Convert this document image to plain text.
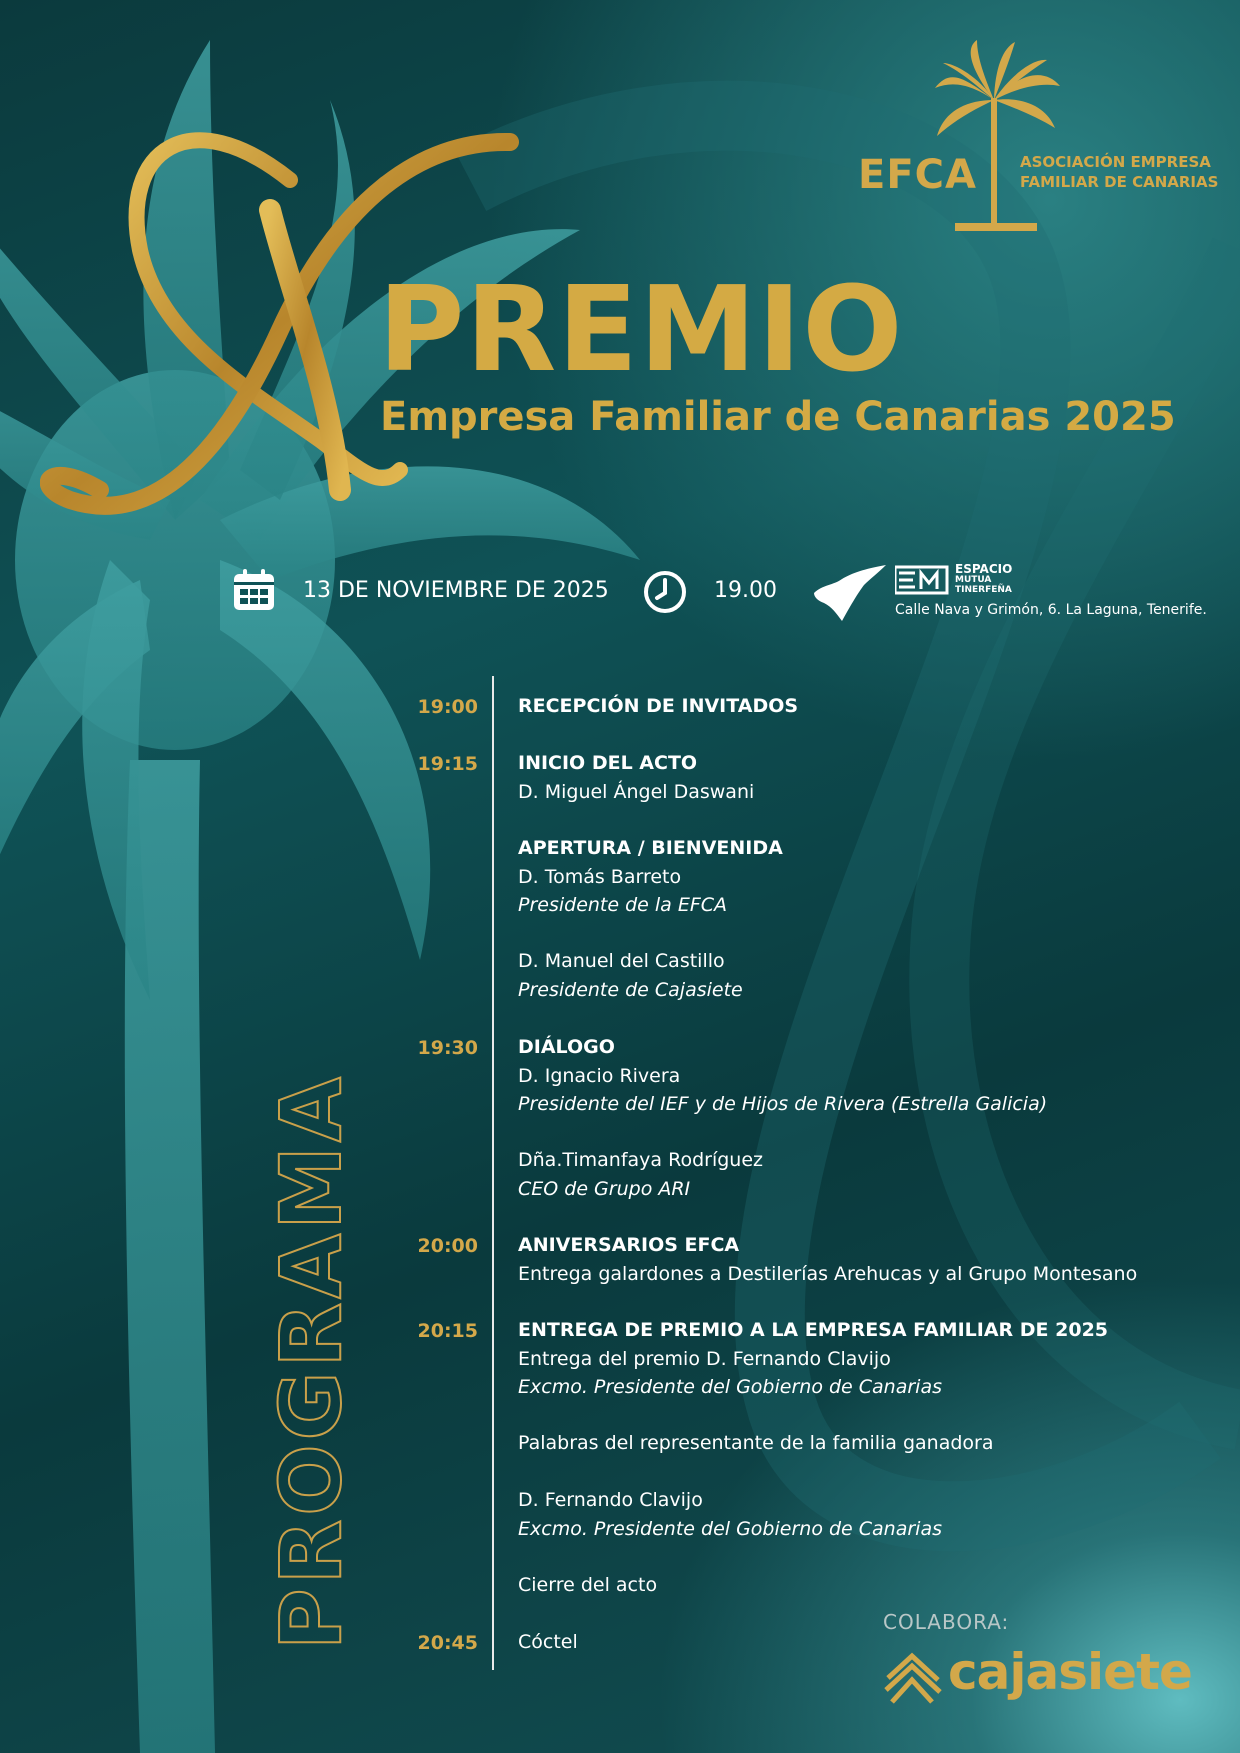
EFCA	ASOCIACIÓN EMPRESA
FAMILIAR DE CANARIAS
PREMIO
Empresa Familiar de Canarias 2025
13 DE NOVIEMBRE DE 2025	19.00
ESPACIO
MUTUA
TINERFEÑA
Calle Nava y Grimón, 6. La Laguna, Tenerife.
PROGRAMA
19:00 RECEPCIÓN DE INVITADOS
19:15 INICIO DEL ACTO
D. Miguel Ángel Daswani
APERTURA / BIENVENIDA
D. Tomás Barreto
Presidente de la EFCA
D. Manuel del Castillo
Presidente de Cajasiete
19:30 DIÁLOGO
D. Ignacio Rivera
Presidente del IEF y de Hijos de Rivera (Estrella Galicia)
Dña.Timanfaya Rodríguez
CEO de Grupo ARI
20:00 ANIVERSARIOS EFCA
Entrega galardones a Destilerías Arehucas y al Grupo Montesano
20:15 ENTREGA DE PREMIO A LA EMPRESA FAMILIAR DE 2025
Entrega del premio D. Fernando Clavijo
Excmo. Presidente del Gobierno de Canarias
Palabras del representante de la familia ganadora
D. Fernando Clavijo
Excmo. Presidente del Gobierno de Canarias
Cierre del acto
20:45 Cóctel
COLABORA:
cajasiete
